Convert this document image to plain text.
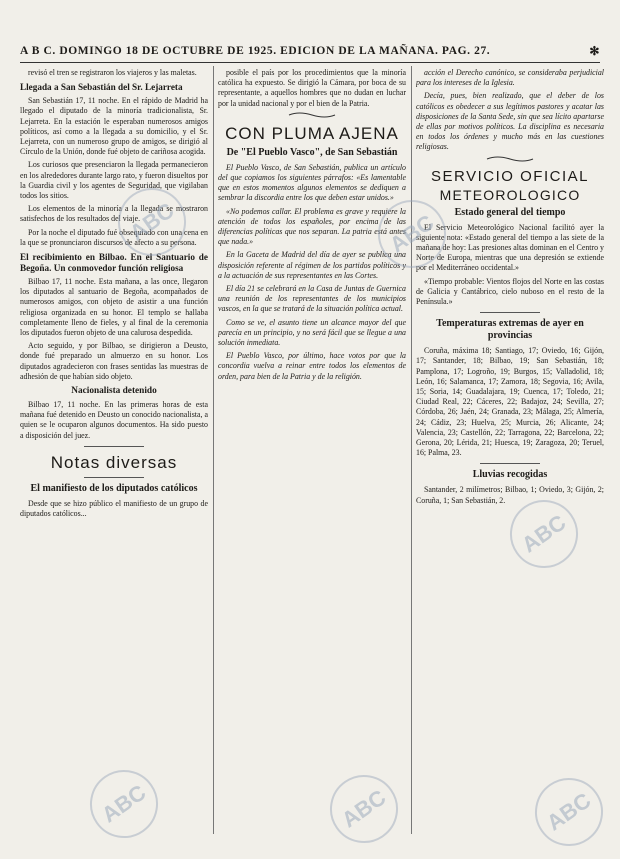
A B C. DOMINGO 18 DE OCTUBRE DE 1925. EDICION DE LA MAÑANA. PAG. 27.	✻

revisó el tren se registraron los viajeros y las maletas.

Llegada a San Sebastián del Sr. Lejarreta

San Sebastián 17, 11 noche. En el rápido de Madrid ha llegado el diputado de la minoría tradicionalista, Sr. Lejarreta. En la estación le esperaban numerosos amigos políticos, así como a la llegada a su domicilio, y el Sr. Lejarreta, con un numeroso grupo de amigos, se dirigió al Círculo de la Unión, donde fué objeto de cariñosa acogida.

Los curiosos que presenciaron la llegada permanecieron en los alrededores durante largo rato, y fueron disueltos por la Guardia civil y los agentes de Seguridad, que vigilaban todos los sitios.

Los elementos de la minoría a la llegada se mostraron satisfechos de los resultados del viaje.

Por la noche el diputado fué obsequiado con una cena en la que se pronunciaron discursos de afecto a su persona.

El recibimiento en Bilbao. En el Santuario de Begoña. Un conmovedor función religiosa

Bilbao 17, 11 noche. Esta mañana, a las once, llegaron los diputados al santuario de Begoña, acompañados de numerosos amigos, con objeto de asistir a una función religiosa organizada en su honor. El templo se hallaba completamente lleno de fieles, y al final de la ceremonia los diputados fueron objeto de una calurosa despedida.

Acto seguido, y por Bilbao, se dirigieron a Deusto, donde fué preparado un almuerzo en su honor. Los diputados agradecieron con frases sentidas las muestras de adhesión de que habían sido objeto.

Nacionalista detenido

Bilbao 17, 11 noche. En las primeras horas de esta mañana fué detenido en Deusto un conocido nacionalista, a quien se le ocuparon algunos documentos. Ha sido puesto a disposición del juez.

Notas diversas
El manifiesto de los diputados católicos

Desde que se hizo público el manifiesto de un grupo de diputados católicos...

posible el país por los procedimientos que la minoría católica ha expuesto. Se dirigió la Cámara, por boca de su representante, a aquellos hombres que no dudan en luchar por la unidad nacional y por el bien de la Patria.

CON PLUMA AJENA
De "El Pueblo Vasco", de San Sebastián

El Pueblo Vasco, de San Sebastián, publica un artículo del que copiamos los siguientes párrafos: «Es lamentable que en estos momentos algunos elementos se dediquen a sembrar la discordia entre los que deben estar unidos.»

«No podemos callar. El problema es grave y requiere la atención de todos los españoles, por encima de las diferencias políticas que nos separan. La patria está antes que nada.»

En la Gaceta de Madrid del día de ayer se publica una disposición referente al régimen de los partidos políticos y a la actuación de sus representantes en las Cortes.

El día 21 se celebrará en la Casa de Juntas de Guernica una reunión de los representantes de los municipios vascos, en la que se tratará de la situación política actual.

Como se ve, el asunto tiene un alcance mayor del que parecía en un principio, y no será fácil que se llegue a una solución inmediata.

El Pueblo Vasco, por último, hace votos por que la concordia vuelva a reinar entre todos los elementos de orden, para bien de la Patria y de la religión.

acción el Derecho canónico, se consideraba perjudicial para los intereses de la Iglesia.

Decía, pues, bien realizado, que el deber de los católicos es obedecer a sus legítimos pastores y acatar las disposiciones de la Santa Sede, sin que sea lícito apartarse de ellas por motivos políticos. La disciplina es necesaria en todos los órdenes y mucho más en las cuestiones religiosas.

SERVICIO OFICIAL
METEOROLOGICO
Estado general del tiempo

El Servicio Meteorológico Nacional facilitó ayer la siguiente nota: «Estado general del tiempo a las siete de la mañana de hoy: Las presiones altas dominan en el Centro y Norte de Europa, mientras que una depresión se extiende por el Mediterráneo occidental.»

«Tiempo probable: Vientos flojos del Norte en las costas de Galicia y Cantábrico, cielo nuboso en el resto de la Península.»

Temperaturas extremas de ayer en provincias

Coruña, máxima 18; Santiago, 17; Oviedo, 16; Gijón, 17; Santander, 18; Bilbao, 19; San Sebastián, 18; Pamplona, 17; Logroño, 19; Burgos, 15; Valladolid, 18; León, 16; Salamanca, 17; Zamora, 18; Segovia, 16; Avila, 15; Soria, 14; Guadalajara, 19; Cuenca, 17; Toledo, 21; Ciudad Real, 22; Cáceres, 22; Badajoz, 24; Sevilla, 27; Córdoba, 26; Jaén, 24; Granada, 23; Málaga, 25; Almería, 24; Cádiz, 23; Huelva, 25; Murcia, 26; Alicante, 24; Valencia, 23; Castellón, 22; Tarragona, 22; Barcelona, 22; Gerona, 20; Lérida, 21; Huesca, 19; Zaragoza, 20; Teruel, 16; Palma, 23.

Lluvias recogidas

Santander, 2 milímetros; Bilbao, 1; Oviedo, 3; Gijón, 2; Coruña, 1; San Sebastián, 2.

ABC	ABC
ABC
ABC	ABC	ABC
